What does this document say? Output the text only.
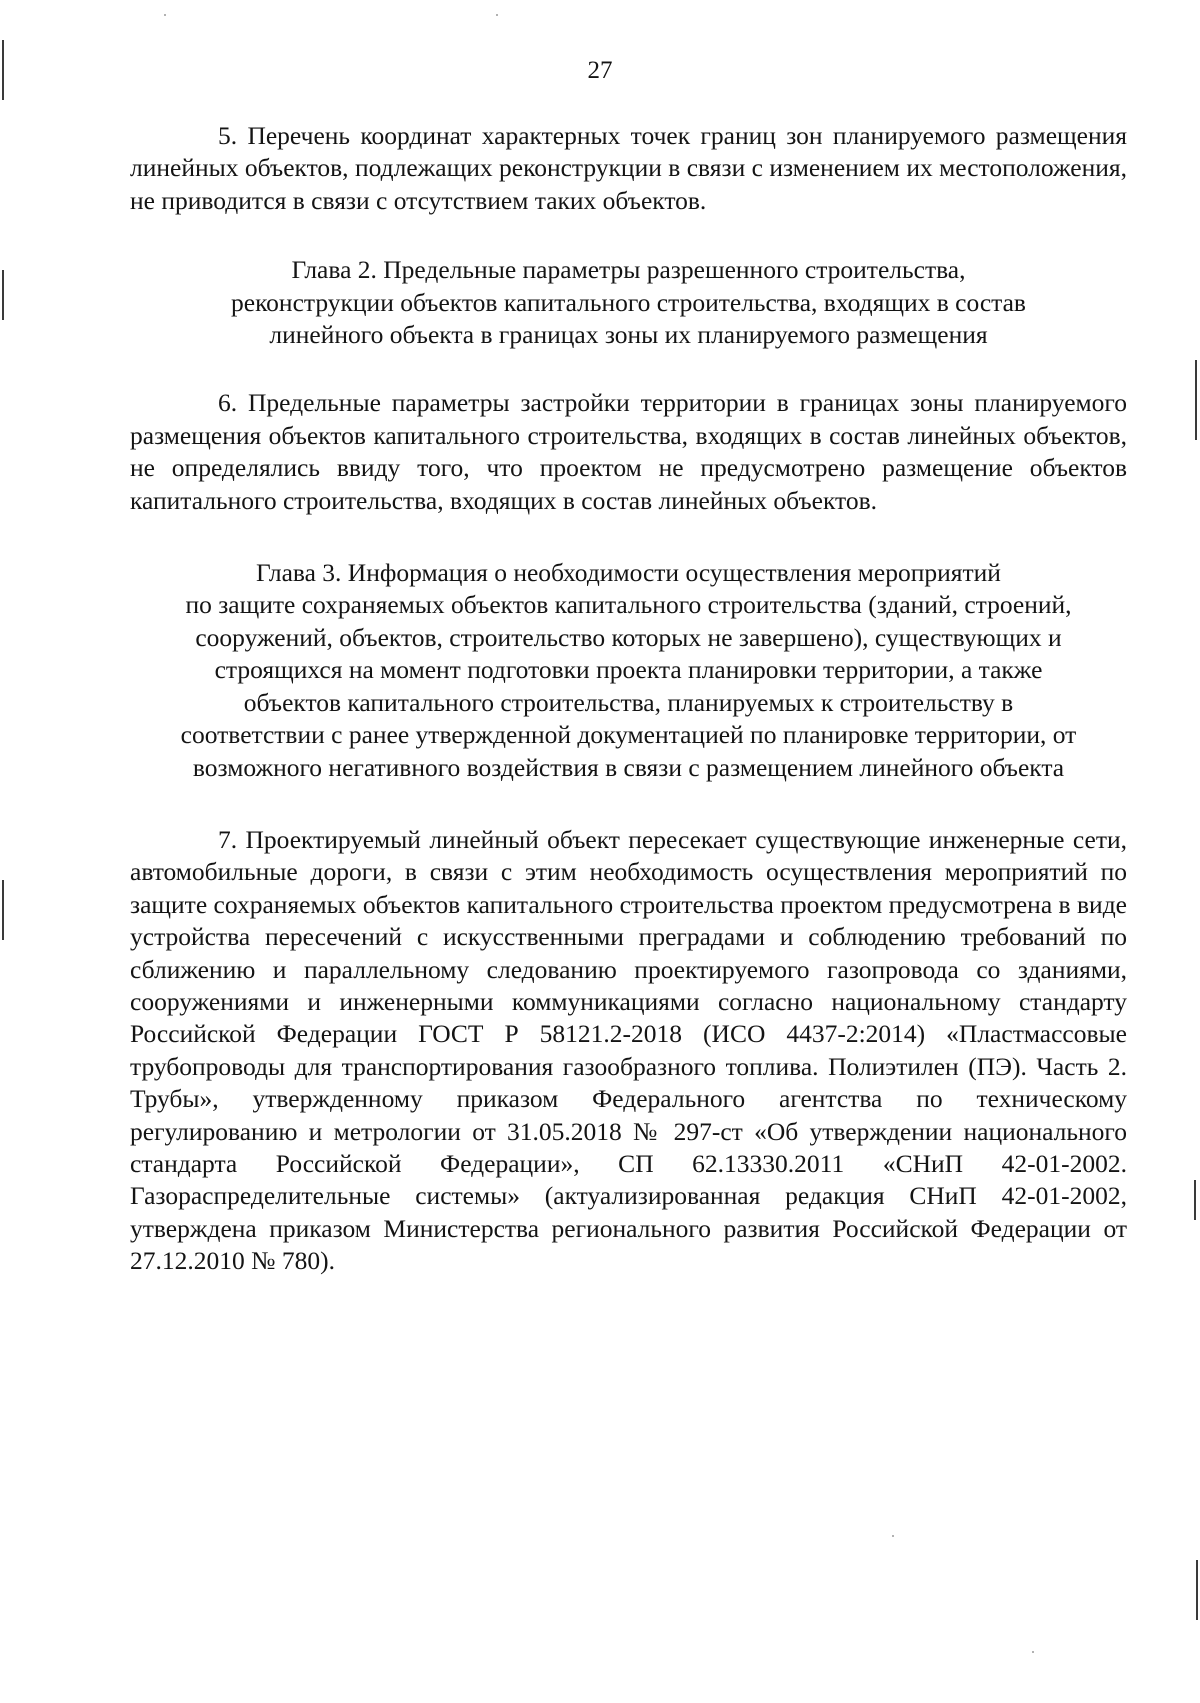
27

5. Перечень координат характерных точек границ зон планируемого размещения линейных объектов, подлежащих реконструкции в связи с изменением их местоположения, не приводится в связи с отсутствием таких объектов.

Глава 2. Предельные параметры разрешенного строительства,
реконструкции объектов капитального строительства, входящих в состав
линейного объекта в границах зоны их планируемого размещения

6. Предельные параметры застройки территории в границах зоны планируемого размещения объектов капитального строительства, входящих в состав линейных объектов, не определялись ввиду того, что проектом не предусмотрено размещение объектов капитального строительства, входящих в состав линейных объектов.

Глава 3. Информация о необходимости осуществления мероприятий
по защите сохраняемых объектов капитального строительства (зданий, строений,
сооружений, объектов, строительство которых не завершено), существующих и
строящихся на момент подготовки проекта планировки территории, а также
объектов капитального строительства, планируемых к строительству в
соответствии с ранее утвержденной документацией по планировке территории, от
возможного негативного воздействия в связи с размещением линейного объекта

7. Проектируемый линейный объект пересекает существующие инженерные сети, автомобильные дороги, в связи с этим необходимость осуществления мероприятий по защите сохраняемых объектов капитального строительства проектом предусмотрена в виде устройства пересечений с искусственными преградами и соблюдению требований по сближению и параллельному следованию проектируемого газопровода со зданиями, сооружениями и инженерными коммуникациями согласно национальному стандарту Российской Федерации ГОСТ Р 58121.2-2018 (ИСО 4437-2:2014) «Пластмассовые трубопроводы для транспортирования газообразного топлива. Полиэтилен (ПЭ). Часть 2. Трубы», утвержденному приказом Федерального агентства по техническому регулированию и метрологии от 31.05.2018 № 297-ст «Об утверждении национального стандарта Российской Федерации», СП 62.13330.2011 «СНиП 42-01-2002. Газораспределительные системы» (актуализированная редакция СНиП 42-01-2002, утверждена приказом Министерства регионального развития Российской Федерации от 27.12.2010 № 780).
